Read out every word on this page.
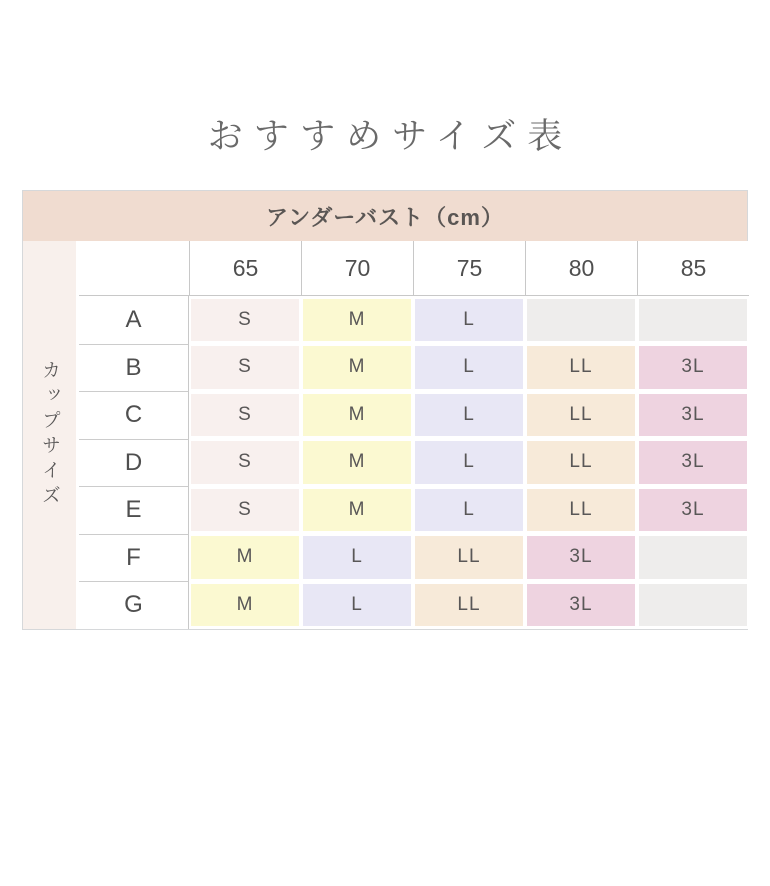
おすすめサイズ表
アンダーバスト（cm）
カップサイズ
65	70	75	80	85
A	S	M	L
B	S	M	L	LL	3L
C	S	M	L	LL	3L
D	S	M	L	LL	3L
E	S	M	L	LL	3L
F	M	L	LL	3L
G	M	L	LL	3L
